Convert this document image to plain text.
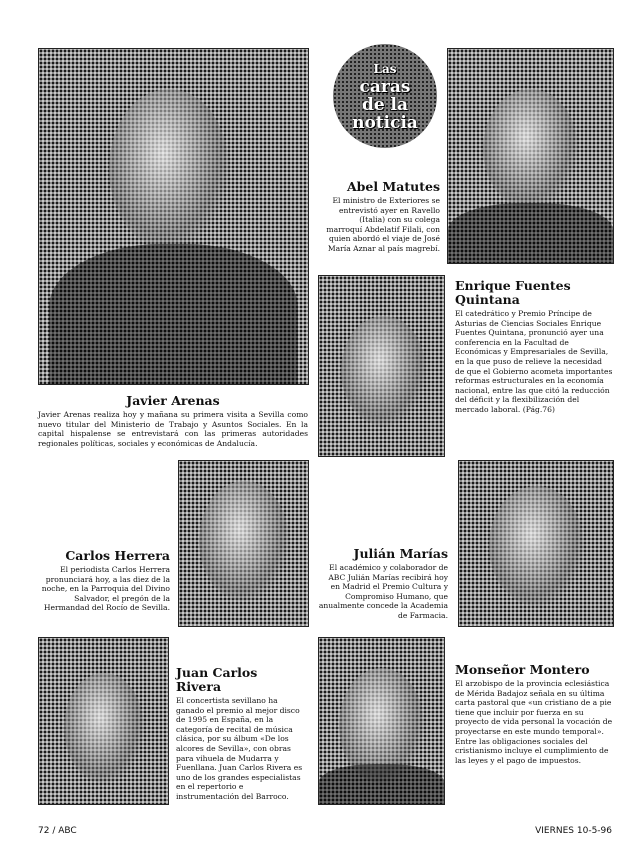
Javier Arenas
Javier Arenas realiza hoy y mañana su primera visita a Sevilla como nuevo titular del Ministerio de Trabajo y Asuntos Sociales. En la capital hispalense se entrevistará con las primeras autoridades regionales políticas, sociales y económicas de Andalucía.
Las
caras
de la
noticia
Abel Matutes
El ministro de Exteriores se entrevistó ayer en Ravello (Italia) con su colega marroquí Abdelatif Filali, con quien abordó el viaje de José María Aznar al país magrebí.
Enrique Fuentes Quintana
El catedrático y Premio Príncipe de Asturias de Ciencias Sociales Enrique Fuentes Quintana, pronunció ayer una conferencia en la Facultad de Económicas y Empresariales de Sevilla, en la que puso de relieve la necesidad de que el Gobierno acometa importantes reformas estructurales en la economía nacional, entre las que citó la reducción del déficit y la flexibilización del mercado laboral. (Pág.76)
Carlos Herrera
El periodista Carlos Herrera pronunciará hoy, a las diez de la noche, en la Parroquia del Divino Salvador, el pregón de la Hermandad del Rocío de Sevilla.
Julián Marías
El académico y colaborador de ABC Julián Marías recibirá hoy en Madrid el Premio Cultura y Compromiso Humano, que anualmente concede la Academia de Farmacia.
Juan Carlos Rivera
El concertista sevillano ha ganado el premio al mejor disco de 1995 en España, en la categoría de recital de música clásica, por su álbum «De los alcores de Sevilla», con obras para vihuela de Mudarra y Fuenllana. Juan Carlos Rivera es uno de los grandes especialistas en el repertorio e instrumentación del Barroco.
Monseñor Montero
El arzobispo de la provincia eclesiástica de Mérida Badajoz señala en su última carta pastoral que «un cristiano de a pie tiene que incluir por fuerza en su proyecto de vida personal la vocación de proyectarse en este mundo temporal». Entre las obligaciones sociales del cristianismo incluye el cumplimiento de las leyes y el pago de impuestos.
72 / ABC	VIERNES 10-5-96
